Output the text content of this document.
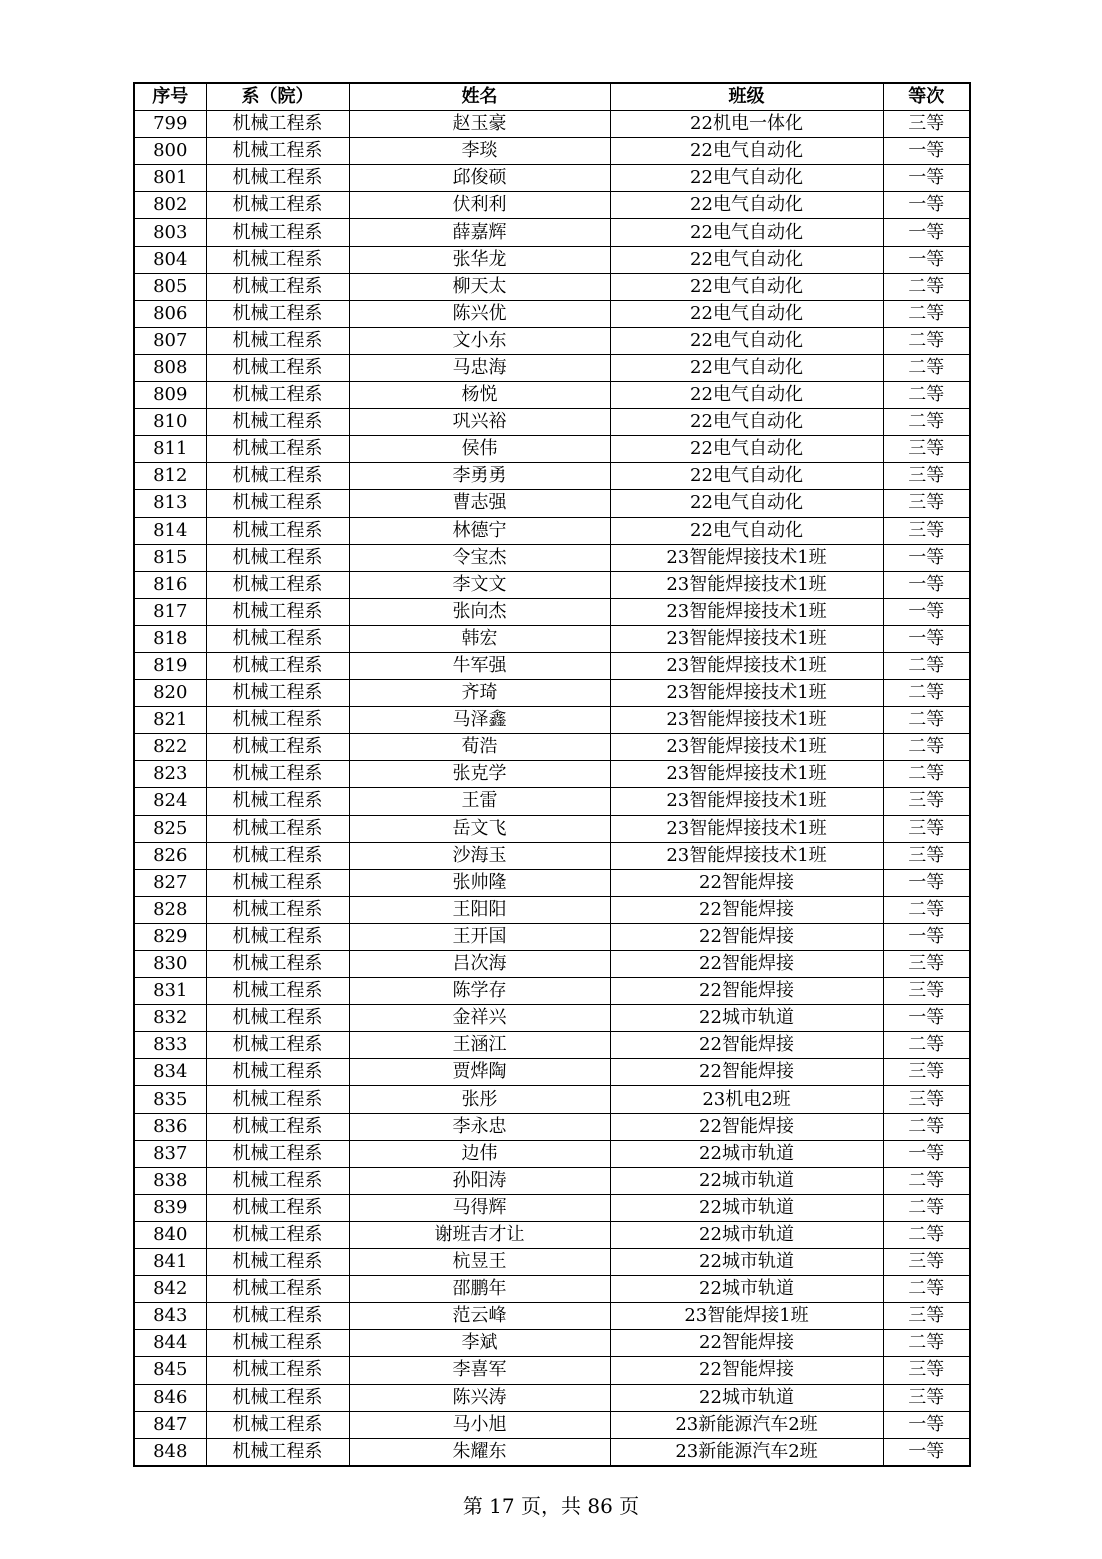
序号	系（院）	姓名	班级	等次
799	机械工程系	赵玉豪	22机电一体化	三等
800	机械工程系	李琰	22电气自动化	一等
801	机械工程系	邱俊硕	22电气自动化	一等
802	机械工程系	伏利利	22电气自动化	一等
803	机械工程系	薛嘉辉	22电气自动化	一等
804	机械工程系	张华龙	22电气自动化	一等
805	机械工程系	柳天太	22电气自动化	二等
806	机械工程系	陈兴优	22电气自动化	二等
807	机械工程系	文小东	22电气自动化	二等
808	机械工程系	马忠海	22电气自动化	二等
809	机械工程系	杨悦	22电气自动化	二等
810	机械工程系	巩兴裕	22电气自动化	二等
811	机械工程系	侯伟	22电气自动化	三等
812	机械工程系	李勇勇	22电气自动化	三等
813	机械工程系	曹志强	22电气自动化	三等
814	机械工程系	林德宁	22电气自动化	三等
815	机械工程系	令宝杰	23智能焊接技术1班	一等
816	机械工程系	李文文	23智能焊接技术1班	一等
817	机械工程系	张向杰	23智能焊接技术1班	一等
818	机械工程系	韩宏	23智能焊接技术1班	一等
819	机械工程系	牛军强	23智能焊接技术1班	二等
820	机械工程系	齐琦	23智能焊接技术1班	二等
821	机械工程系	马泽鑫	23智能焊接技术1班	二等
822	机械工程系	荀浩	23智能焊接技术1班	二等
823	机械工程系	张克学	23智能焊接技术1班	二等
824	机械工程系	王雷	23智能焊接技术1班	三等
825	机械工程系	岳文飞	23智能焊接技术1班	三等
826	机械工程系	沙海玉	23智能焊接技术1班	三等
827	机械工程系	张帅隆	22智能焊接	一等
828	机械工程系	王阳阳	22智能焊接	二等
829	机械工程系	王开国	22智能焊接	一等
830	机械工程系	吕次海	22智能焊接	三等
831	机械工程系	陈学存	22智能焊接	三等
832	机械工程系	金祥兴	22城市轨道	一等
833	机械工程系	王涵江	22智能焊接	二等
834	机械工程系	贾烨陶	22智能焊接	三等
835	机械工程系	张彤	23机电2班	三等
836	机械工程系	李永忠	22智能焊接	二等
837	机械工程系	边伟	22城市轨道	一等
838	机械工程系	孙阳涛	22城市轨道	二等
839	机械工程系	马得辉	22城市轨道	二等
840	机械工程系	谢班吉才让	22城市轨道	二等
841	机械工程系	杭昱王	22城市轨道	三等
842	机械工程系	邵鹏年	22城市轨道	二等
843	机械工程系	范云峰	23智能焊接1班	三等
844	机械工程系	李斌	22智能焊接	二等
845	机械工程系	李喜军	22智能焊接	三等
846	机械工程系	陈兴涛	22城市轨道	三等
847	机械工程系	马小旭	23新能源汽车2班	一等
848	机械工程系	朱耀东	23新能源汽车2班	一等
第 17 页，共 86 页
